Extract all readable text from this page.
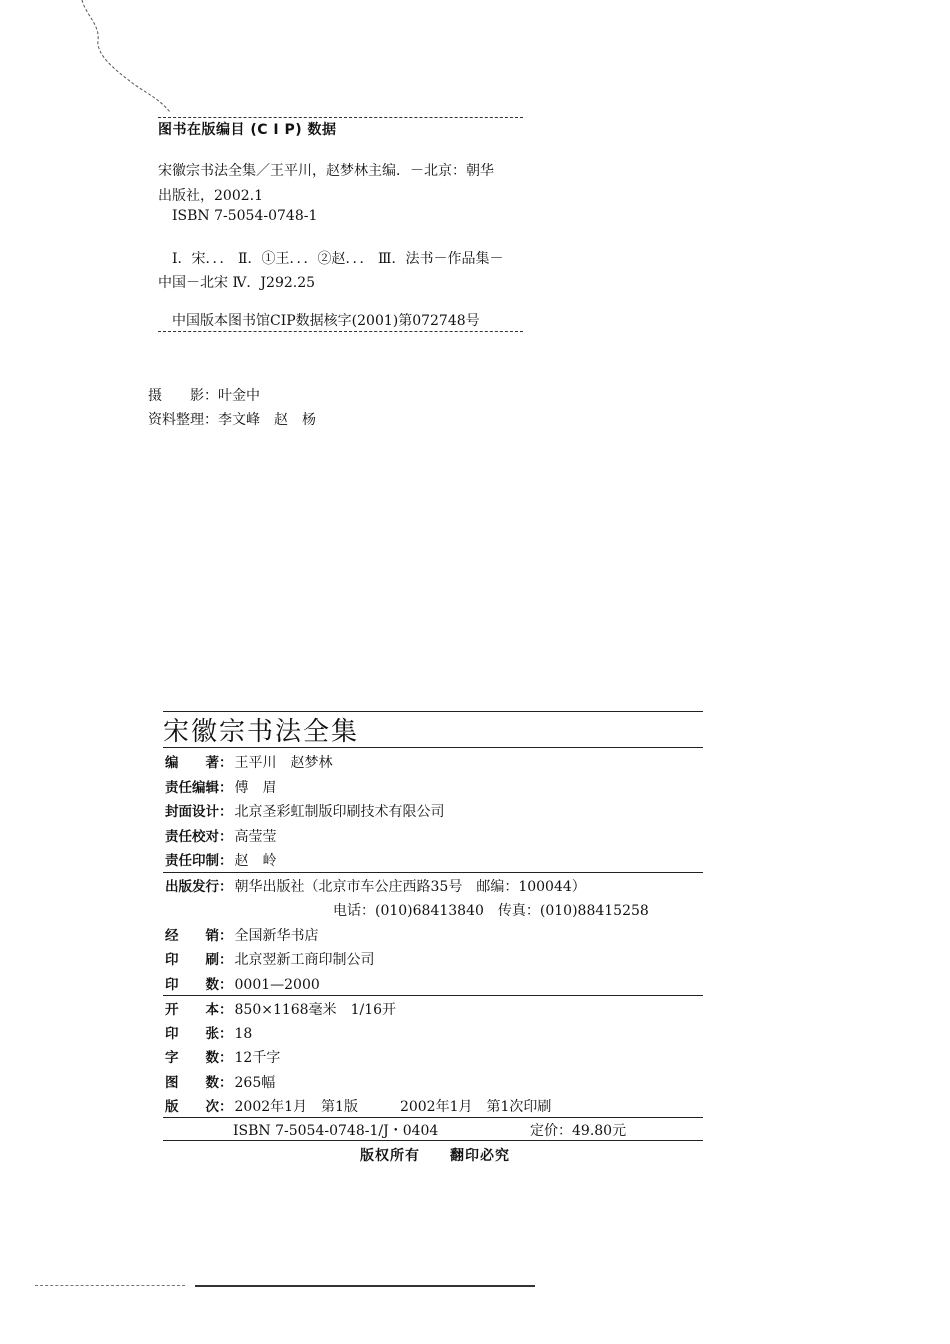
图书在版编目 (C I P) 数据
宋徽宗书法全集／王平川，赵梦林主编．－北京：朝华
出版社，2002.1
ISBN 7-5054-0748-1
Ⅰ．宋．．． Ⅱ．①王．．．②赵．．． Ⅲ．法书－作品集－
中国－北宋 Ⅳ．J292.25
中国版本图书馆CIP数据核字(2001)第072748号
摄　　影：叶金中
资料整理：李文峰　赵　杨
宋徽宗书法全集
编　　著： 王平川　赵梦林
责任编辑： 傅　眉
封面设计： 北京圣彩虹制版印刷技术有限公司
责任校对： 高莹莹
责任印制： 赵　岭
出版发行： 朝华出版社（北京市车公庄西路35号　邮编：100044）
电话：(010)68413840　传真：(010)88415258
经　　销： 全国新华书店
印　　刷： 北京翌新工商印制公司
印　　数： 0001—2000
开　　本： 850×1168毫米　1/16开
印　　张： 18
字　　数： 12千字
图　　数： 265幅
版　　次： 2002年1月　第1版　　　2002年1月　第1次印刷
ISBN 7-5054-0748-1/J・0404	定价：49.80元
版权所有　　翻印必究
